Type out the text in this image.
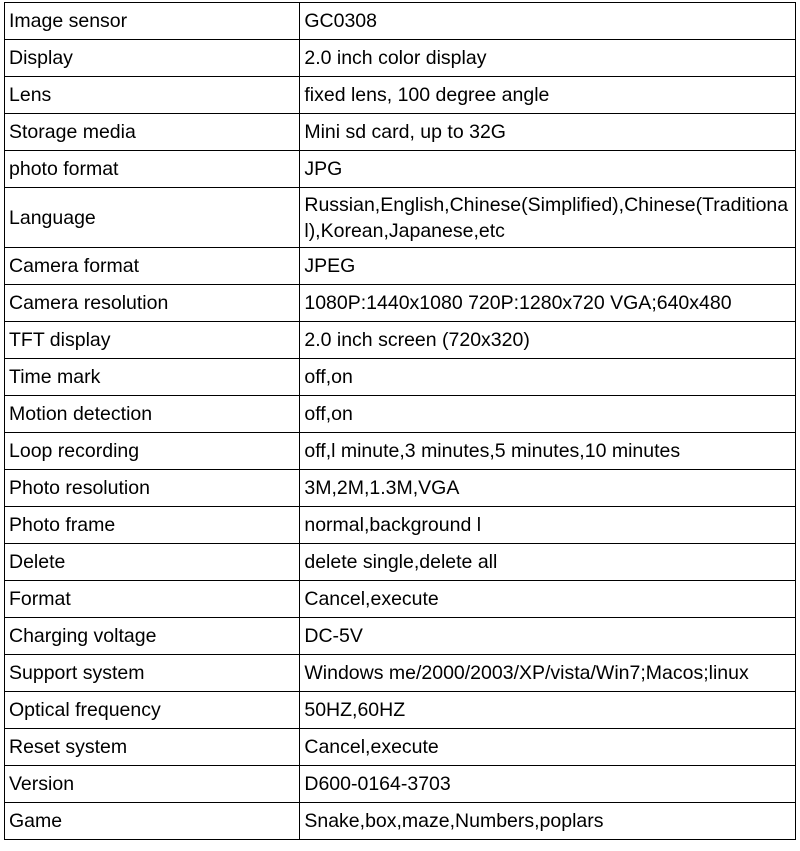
Image sensor	GC0308
Display	2.0 inch color display
Lens	fixed lens, 100 degree angle
Storage media	Mini sd card, up to 32G
photo format	JPG
Language	Russian,English,Chinese(Simplified),Chinese(Traditional),Korean,Japanese,etc
Camera format	JPEG
Camera resolution	1080P:1440x1080 720P:1280x720 VGA;640x480
TFT display	2.0 inch screen (720x320)
Time mark	off,on
Motion detection	off,on
Loop recording	off,l minute,3 minutes,5 minutes,10 minutes
Photo resolution	3M,2M,1.3M,VGA
Photo frame	normal,background l
Delete	delete single,delete all
Format	Cancel,execute
Charging voltage	DC-5V
Support system	Windows me/2000/2003/XP/vista/Win7;Macos;linux
Optical frequency	50HZ,60HZ
Reset system	Cancel,execute
Version	D600-0164-3703
Game	Snake,box,maze,Numbers,poplars
